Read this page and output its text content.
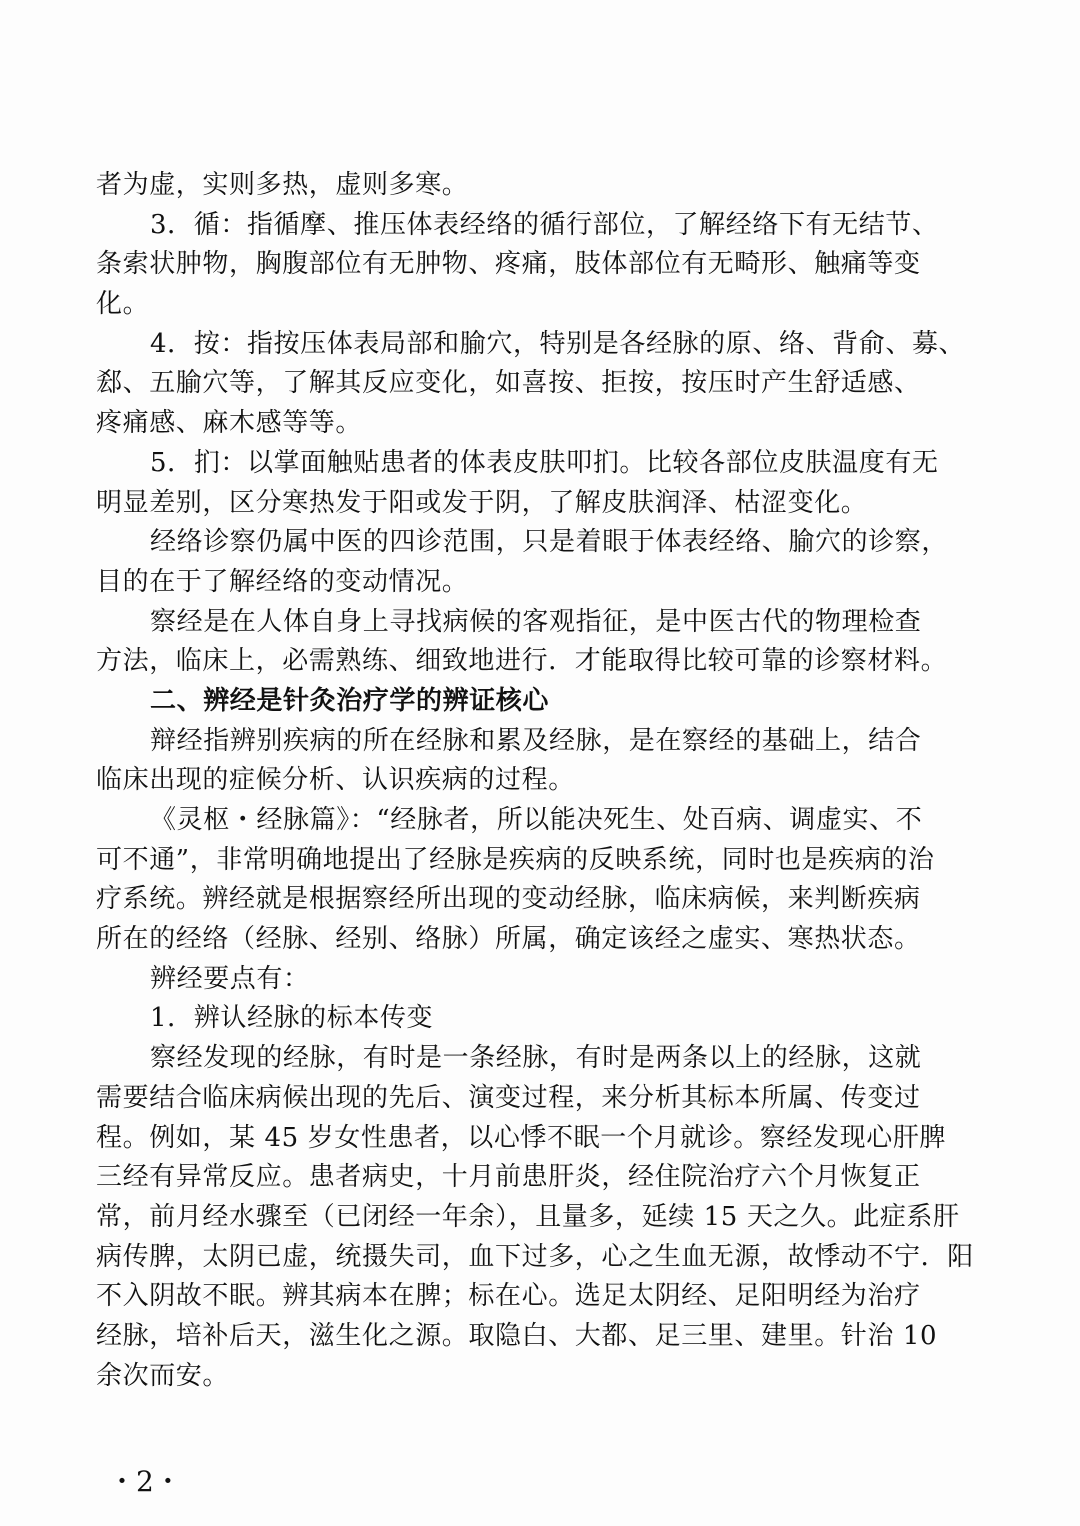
者为虚，实则多热，虚则多寒。
3．循：指循摩、推压体表经络的循行部位，了解经络下有无结节、
条索状肿物，胸腹部位有无肿物、疼痛，肢体部位有无畸形、触痛等变
化。
4．按：指按压体表局部和腧穴，特别是各经脉的原、络、背俞、募、
郄、五腧穴等，了解其反应变化，如喜按、拒按，按压时产生舒适感、
疼痛感、麻木感等等。
5．扪：以掌面触贴患者的体表皮肤叩扪。比较各部位皮肤温度有无
明显差别，区分寒热发于阳或发于阴，了解皮肤润泽、枯涩变化。
经络诊察仍属中医的四诊范围，只是着眼于体表经络、腧穴的诊察，
目的在于了解经络的变动情况。
察经是在人体自身上寻找病候的客观指征，是中医古代的物理检查
方法，临床上，必需熟练、细致地进行．才能取得比较可靠的诊察材料。
二、辨经是针灸治疗学的辨证核心
辩经指辨别疾病的所在经脉和累及经脉，是在察经的基础上，结合
临床出现的症候分析、认识疾病的过程。
《灵枢・经脉篇》：“经脉者，所以能决死生、处百病、调虚实、不
可不通”，非常明确地提出了经脉是疾病的反映系统，同时也是疾病的治
疗系统。辨经就是根据察经所出现的变动经脉，临床病候，来判断疾病
所在的经络（经脉、经别、络脉）所属，确定该经之虚实、寒热状态。
辨经要点有：
1．辨认经脉的标本传变
察经发现的经脉，有时是一条经脉，有时是两条以上的经脉，这就
需要结合临床病候出现的先后、演变过程，来分析其标本所属、传变过
程。例如，某 45 岁女性患者，以心悸不眠一个月就诊。察经发现心肝脾
三经有异常反应。患者病史，十月前患肝炎，经住院治疗六个月恢复正
常，前月经水骤至（已闭经一年余），且量多，延续 15 天之久。此症系肝
病传脾，太阴已虚，统摄失司，血下过多，心之生血无源，故悸动不宁．阳
不入阴故不眠。辨其病本在脾；标在心。选足太阴经、足阳明经为治疗
经脉，培补后天，滋生化之源。取隐白、大都、足三里、建里。针治 10
余次而安。
・2・
